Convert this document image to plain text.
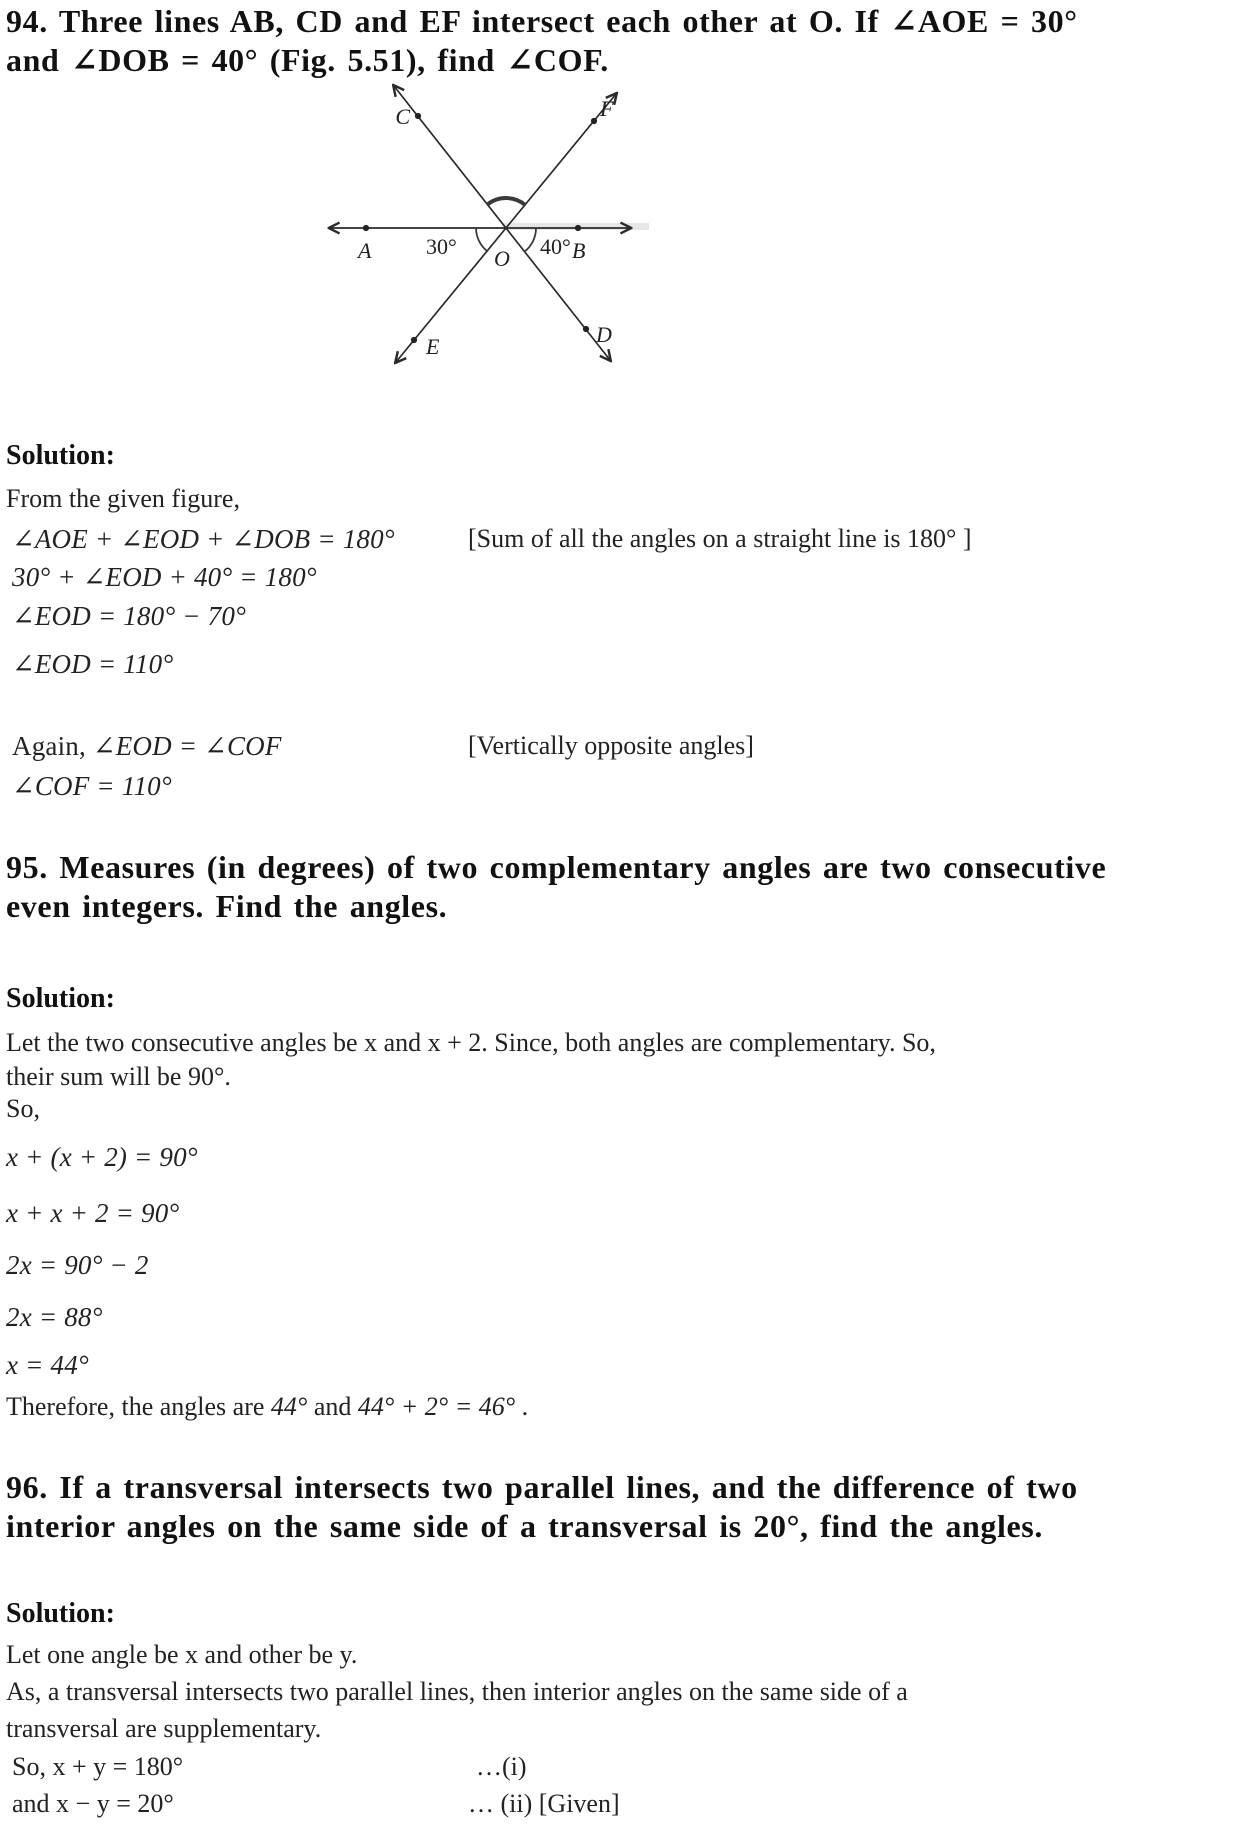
94. Three lines AB, CD and EF intersect each other at O. If ∠AOE = 30°
and ∠DOB = 40° (Fig. 5.51), find ∠COF.
C	F
A	B
O
E	D
30°	40°
Solution:
From the given figure,
∠AOE + ∠EOD + ∠DOB = 180°	[Sum of all the angles on a straight line is 180° ]
30° + ∠EOD + 40° = 180°
∠EOD = 180° − 70°
∠EOD = 110°
Again, ∠EOD = ∠COF	[Vertically opposite angles]
∠COF = 110°
95. Measures (in degrees) of two complementary angles are two consecutive
even integers. Find the angles.
Solution:
Let the two consecutive angles be x and x + 2. Since, both angles are complementary. So,
their sum will be 90°.
So,
x + (x + 2) = 90°
x + x + 2 = 90°
2x = 90° − 2
2x = 88°
x = 44°
Therefore, the angles are 44° and 44° + 2° = 46° .
96. If a transversal intersects two parallel lines, and the difference of two
interior angles on the same side of a transversal is 20°, find the angles.
Solution:
Let one angle be x and other be y.
As, a transversal intersects two parallel lines, then interior angles on the same side of a
transversal are supplementary.
So, x + y = 180°	…(i)
and x − y = 20°	… (ii) [Given]
